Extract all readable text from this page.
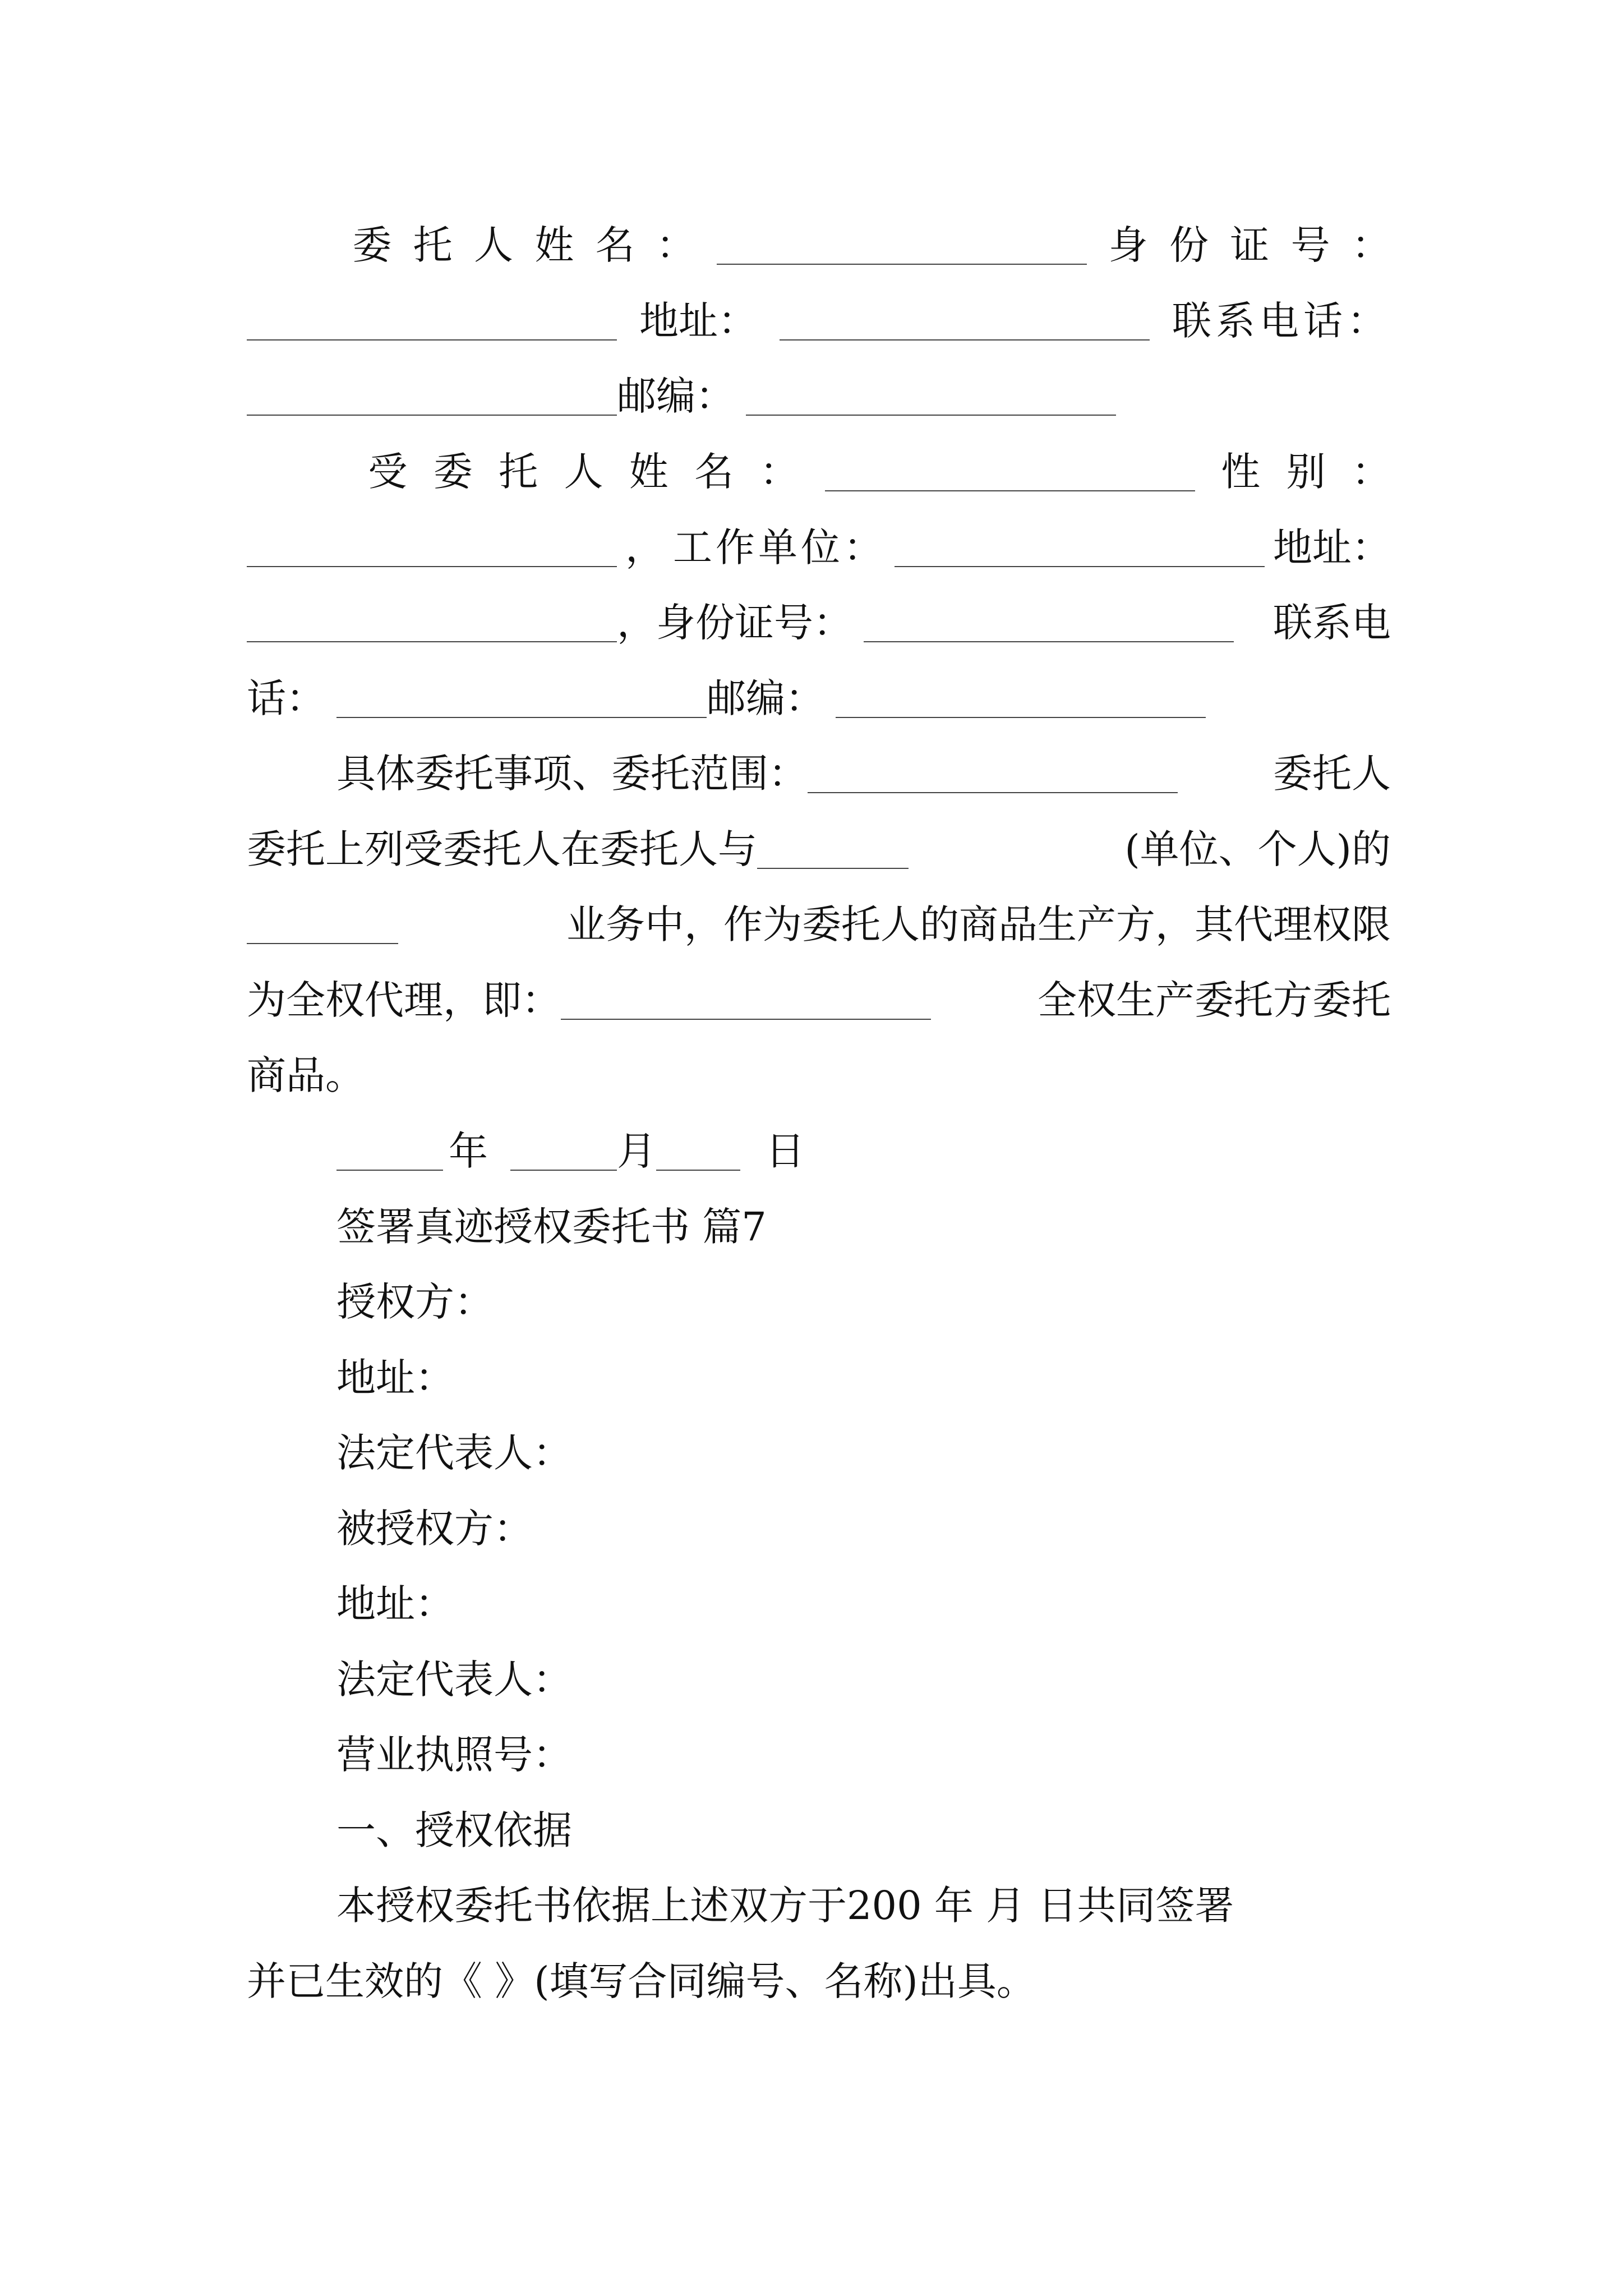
委 托 人 姓 名 ：	身 份 证 号 ：
地址：	联系电话：
邮编：
受 委 托 人 姓 名 ：	性 别 ：
， 工作单位：	地址：
，身份证号：	联系电
话：	邮编：
具体委托事项、委托范围：	委托人
委托上列受委托人在委托人与	(单位、个人)的
业务中，作为委托人的商品生产方，其代理权限
为全权代理，即：	全权生产委托方委托
商品。
年	月	日
签署真迹授权委托书 篇7
授权方：
地址：
法定代表人：
被授权方：
地址：
法定代表人：
营业执照号：
一、授权依据
本授权委托书依据上述双方于200 年 月 日共同签署
并已生效的《 》(填写合同编号、名称)出具。
